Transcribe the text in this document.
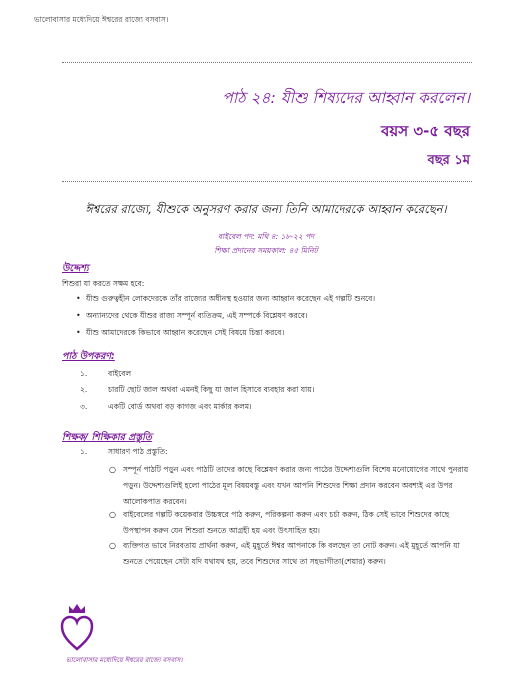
ভালোবাসার মধ্যেদিয়ে ঈশ্বরের রাজ্যে বসবাস।
পাঠ ২৪: যীশু শিষ্যদের আহ্বান করলেন।
বয়স ৩-৫ বছর
বছর ১ম
ঈশ্বরের রাজ্যে, যীশুকে অনুসরণ করার জন্য তিনি আমাদেরকে আহ্বান করেছেন।
বাইবেল পদ: মথি ৪: ১৮-২২ পদ
শিক্ষা প্রদানের সময়কাল: ৪৫ মিনিট
উদ্দেশ্য
শিশুরা যা করতে সক্ষম হবে:
• যীশু গুরুত্বহীন লোকদেরকে তাঁর রাজ্যের অধীনস্থ হওয়ার জন্য আহ্বান করেছেন এই গল্পটি শুনবে।
• অন্যান্যদের থেকে যীশুর রাজ্য সম্পূর্ন ব্যতিক্রম, এই সম্পর্কে বিশ্লেষণ করবে।
• যীশু আমাদেরকে কিভাবে আহ্বান করেছেন সেই বিষয়ে চিন্তা করবে।
পাঠ উপকরণ:
১.	বাইবেল
২.	চারটি ছোট জাল অথবা এমনই কিছু যা জাল হিসাবে ব্যবহার করা যায়।
৩.	একটি বোর্ড অথবা বড় কাগজ এবং মার্কার কলম।
শিক্ষক/ শিক্ষিকার প্রস্তুতি
১.	সাধারণ পাঠ প্রস্তুতি:
○ সম্পূর্ন পাঠটি পড়ুন এবং পাঠটি তাদের কাছে বিশ্লেষণ করার জন্য পাঠের উদ্দেশ্যগুলি বিশেষ মনোযোগের সাথে পুনরায় পড়ুন। উদ্দেশ্যগুলিই হলো পাঠের মূল বিষয়বস্তু এবং যখন আপনি শিশুদের শিক্ষা প্রদান করবেন অবশ্যই এর উপর আলোকপাত করবেন।
○ বাইবেলের গল্পটি কয়েকবার উচ্চস্বরে পাঠ করুন, পরিকল্পনা করুন এবং চর্চা করুন, ঠিক সেই ভাবে শিশুদের কাছে উপস্থাপন করুন যেন শিশুরা শুনতে আগ্রহী হয় এবং উৎসাহিত হয়।
○ ব্যক্তিগত ভাবে নিরবতায় প্রার্থনা করুন, এই মুহূর্তে ঈশ্বর আপনাকে কি বলছেন তা নোট করুন। এই মুহূর্তে আপনি যা শুনতে পেয়েছেন সেটা যদি যথাযথ হয়, তবে শিশুদের সাথে তা সহভাগীতা(শেয়ার) করুন।
ভালোবাসার মধ্যেদিয়ে ঈশ্বরের রাজ্যে বসবাস।
